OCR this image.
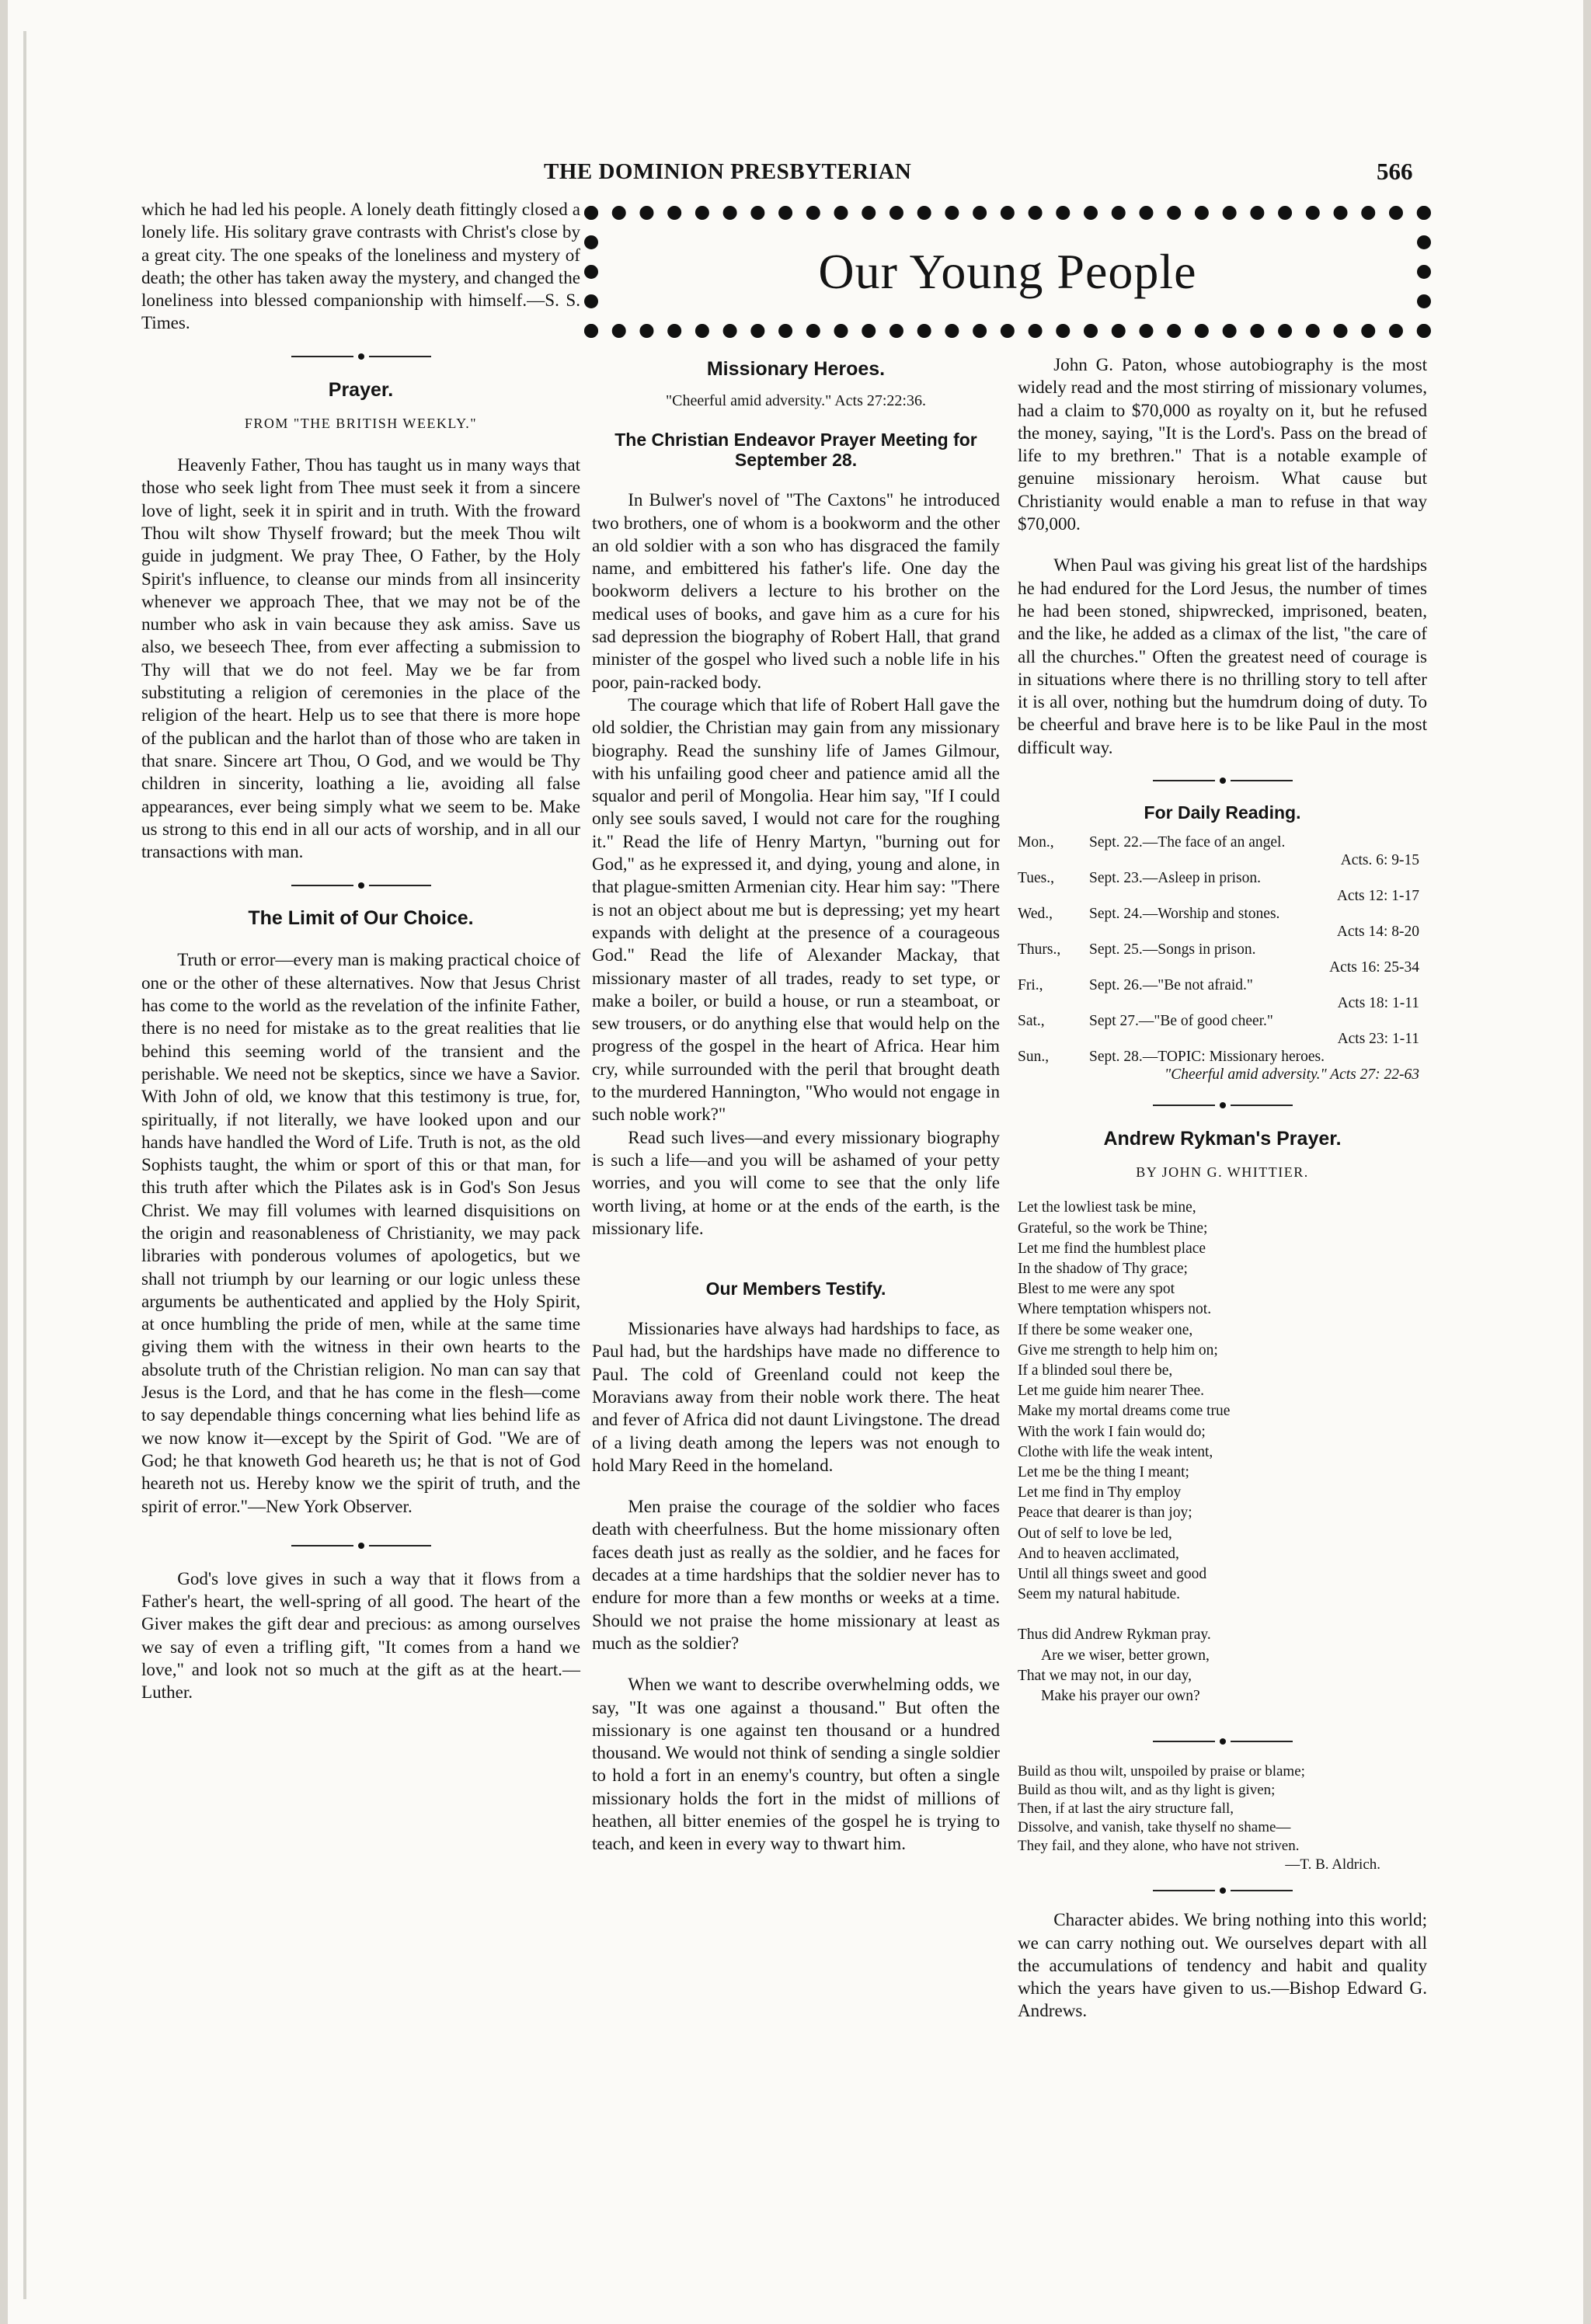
THE DOMINION PRESBYTERIAN	566

which he had led his people. A lonely death fittingly closed a lonely life. His solitary grave contrasts with Christ's close by a great city. The one speaks of the loneliness and mystery of death; the other has taken away the mystery, and changed the loneliness into blessed companionship with himself.—S. S. Times.

Prayer.
FROM "THE BRITISH WEEKLY."

Heavenly Father, Thou has taught us in many ways that those who seek light from Thee must seek it from a sincere love of light, seek it in spirit and in truth. With the froward Thou wilt show Thyself froward; but the meek Thou wilt guide in judgment. We pray Thee, O Father, by the Holy Spirit's influence, to cleanse our minds from all insincerity whenever we approach Thee, that we may not be of the number who ask in vain because they ask amiss. Save us also, we beseech Thee, from ever affecting a submission to Thy will that we do not feel. May we be far from substituting a religion of ceremonies in the place of the religion of the heart. Help us to see that there is more hope of the publican and the harlot than of those who are taken in that snare. Sincere art Thou, O God, and we would be Thy children in sincerity, loathing a lie, avoiding all false appearances, ever being simply what we seem to be. Make us strong to this end in all our acts of worship, and in all our transactions with man.

The Limit of Our Choice.

Truth or error—every man is making practical choice of one or the other of these alternatives. Now that Jesus Christ has come to the world as the revelation of the infinite Father, there is no need for mistake as to the great realities that lie behind this seeming world of the transient and the perishable. We need not be skeptics, since we have a Savior. With John of old, we know that this testimony is true, for, spiritually, if not literally, we have looked upon and our hands have handled the Word of Life. Truth is not, as the old Sophists taught, the whim or sport of this or that man, for this truth after which the Pilates ask is in God's Son Jesus Christ. We may fill volumes with learned disquisitions on the origin and reasonableness of Christianity, we may pack libraries with ponderous volumes of apologetics, but we shall not triumph by our learning or our logic unless these arguments be authenticated and applied by the Holy Spirit, at once humbling the pride of men, while at the same time giving them with the witness in their own hearts to the absolute truth of the Christian religion. No man can say that Jesus is the Lord, and that he has come in the flesh—come to say dependable things concerning what lies behind life as we now know it—except by the Spirit of God. "We are of God; he that knoweth God heareth us; he that is not of God heareth not us. Hereby know we the spirit of truth, and the spirit of error."—New York Observer.

God's love gives in such a way that it flows from a Father's heart, the well-spring of all good. The heart of the Giver makes the gift dear and precious: as among ourselves we say of even a trifling gift, "It comes from a hand we love," and look not so much at the gift as at the heart.—Luther.

Our Young People
Missionary Heroes.
"Cheerful amid adversity." Acts 27:22:36.
The Christian Endeavor Prayer Meeting for September 28.

In Bulwer's novel of "The Caxtons" he introduced two brothers, one of whom is a bookworm and the other an old soldier with a son who has disgraced the family name, and embittered his father's life. One day the bookworm delivers a lecture to his brother on the medical uses of books, and gave him as a cure for his sad depression the biography of Robert Hall, that grand minister of the gospel who lived such a noble life in his poor, pain-racked body.

The courage which that life of Robert Hall gave the old soldier, the Christian may gain from any missionary biography. Read the sunshiny life of James Gilmour, with his unfailing good cheer and patience amid all the squalor and peril of Mongolia. Hear him say, "If I could only see souls saved, I would not care for the roughing it." Read the life of Henry Martyn, "burning out for God," as he expressed it, and dying, young and alone, in that plague-smitten Armenian city. Hear him say: "There is not an object about me but is depressing; yet my heart expands with delight at the presence of a courageous God." Read the life of Alexander Mackay, that missionary master of all trades, ready to set type, or make a boiler, or build a house, or run a steamboat, or sew trousers, or do anything else that would help on the progress of the gospel in the heart of Africa. Hear him cry, while surrounded with the peril that brought death to the murdered Hannington, "Who would not engage in such noble work?"

Read such lives—and every missionary biography is such a life—and you will be ashamed of your petty worries, and you will come to see that the only life worth living, at home or at the ends of the earth, is the missionary life.

Our Members Testify.

Missionaries have always had hardships to face, as Paul had, but the hardships have made no difference to Paul. The cold of Greenland could not keep the Moravians away from their noble work there. The heat and fever of Africa did not daunt Livingstone. The dread of a living death among the lepers was not enough to hold Mary Reed in the homeland.

Men praise the courage of the soldier who faces death with cheerfulness. But the home missionary often faces death just as really as the soldier, and he faces for decades at a time hardships that the soldier never has to endure for more than a few months or weeks at a time. Should we not praise the home missionary at least as much as the soldier?

When we want to describe overwhelming odds, we say, "It was one against a thousand." But often the missionary is one against ten thousand or a hundred thousand. We would not think of sending a single soldier to hold a fort in an enemy's country, but often a single missionary holds the fort in the midst of millions of heathen, all bitter enemies of the gospel he is trying to teach, and keen in every way to thwart him.

John G. Paton, whose autobiography is the most widely read and the most stirring of missionary volumes, had a claim to $70,000 as royalty on it, but he refused the money, saying, "It is the Lord's. Pass on the bread of life to my brethren." That is a notable example of genuine missionary heroism. What cause but Christianity would enable a man to refuse in that way $70,000.

When Paul was giving his great list of the hardships he had endured for the Lord Jesus, the number of times he had been stoned, shipwrecked, imprisoned, beaten, and the like, he added as a climax of the list, "the care of all the churches." Often the greatest need of courage is in situations where there is no thrilling story to tell after it is all over, nothing but the humdrum doing of duty. To be cheerful and brave here is to be like Paul in the most difficult way.

For Daily Reading.
Mon.,	Sept. 22.—The face of an angel.
Acts. 6: 9-15
Tues.,	Sept. 23.—Asleep in prison.
Acts 12: 1-17
Wed.,	Sept. 24.—Worship and stones.
Acts 14: 8-20
Thurs.,	Sept. 25.—Songs in prison.
Acts 16: 25-34
Fri.,	Sept. 26.—"Be not afraid."
Acts 18: 1-11
Sat.,	Sept 27.—"Be of good cheer."
Acts 23: 1-11
Sun.,	Sept. 28.—TOPIC: Missionary heroes.
"Cheerful amid adversity." Acts 27: 22-63
Andrew Rykman's Prayer.
BY JOHN G. WHITTIER.
Let the lowliest task be mine,
Grateful, so the work be Thine;
Let me find the humblest place
In the shadow of Thy grace;
Blest to me were any spot
Where temptation whispers not.
If there be some weaker one,
Give me strength to help him on;
If a blinded soul there be,
Let me guide him nearer Thee.
Make my mortal dreams come true
With the work I fain would do;
Clothe with life the weak intent,
Let me be the thing I meant;
Let me find in Thy employ
Peace that dearer is than joy;
Out of self to love be led,
And to heaven acclimated,
Until all things sweet and good
Seem my natural habitude.
Thus did Andrew Rykman pray.
Are we wiser, better grown,
That we may not, in our day,
Make his prayer our own?
Build as thou wilt, unspoiled by praise or blame;
Build as thou wilt, and as thy light is given;
Then, if at last the airy structure fall,
Dissolve, and vanish, take thyself no shame—
They fail, and they alone, who have not striven.
—T. B. Aldrich.

Character abides. We bring nothing into this world; we can carry nothing out. We ourselves depart with all the accumulations of tendency and habit and quality which the years have given to us.—Bishop Edward G. Andrews.
